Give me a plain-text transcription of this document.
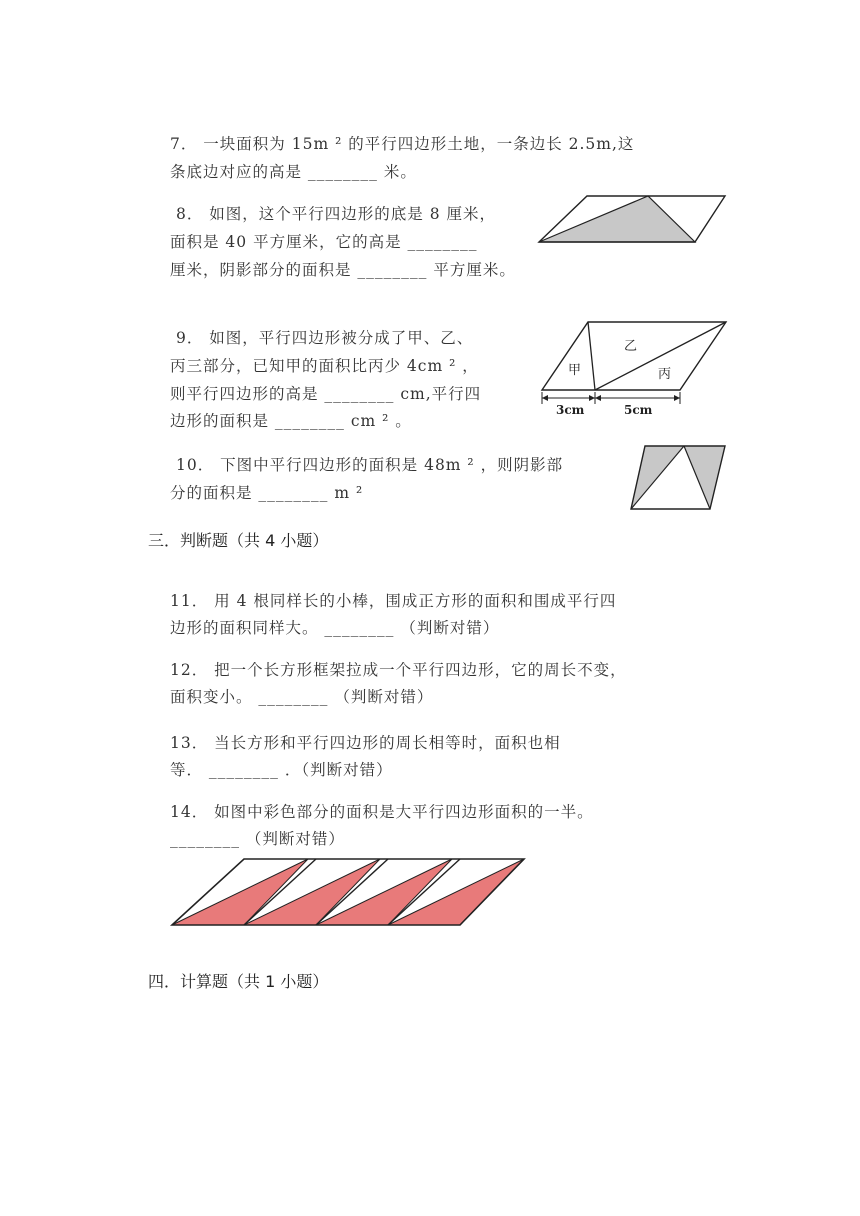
7． 一块面积为 15m ² 的平行四边形土地，一条边长 2.5m,这
条底边对应的高是 ________ 米。
8． 如图，这个平行四边形的底是 8 厘米，
面积是 40 平方厘米，它的高是 ________
厘米，阴影部分的面积是 ________ 平方厘米。
9． 如图，平行四边形被分成了甲、乙、
丙三部分，已知甲的面积比丙少 4cm ² ，
则平行四边形的高是 ________ cm,平行四
边形的面积是 ________ cm ² 。
甲
乙
丙
3cm	5cm
10． 下图中平行四边形的面积是 48m ² ，则阴影部
分的面积是 ________ m ²
三．判断题（共 4 小题）
11． 用 4 根同样长的小棒，围成正方形的面积和围成平行四
边形的面积同样大。 ________ （判断对错）
12． 把一个长方形框架拉成一个平行四边形，它的周长不变，
面积变小。 ________ （判断对错）
13． 当长方形和平行四边形的周长相等时，面积也相
等． ________ ．（判断对错）
14． 如图中彩色部分的面积是大平行四边形面积的一半。
________ （判断对错）
四．计算题（共 1 小题）
